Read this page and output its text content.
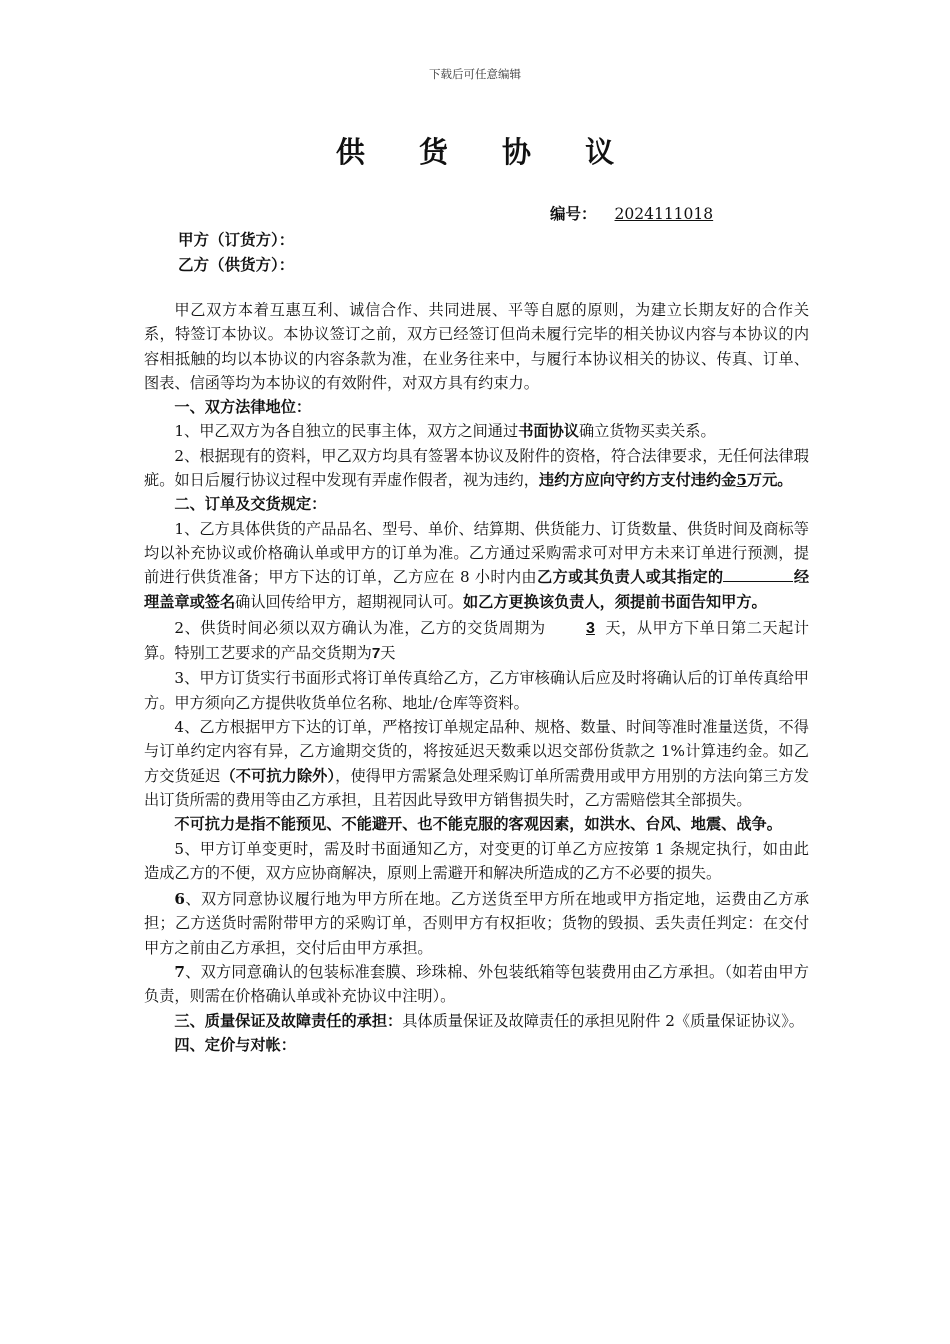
下载后可任意编辑
供 货 协 议
编号： 2024111018
甲方（订货方）：
乙方（供货方）：

甲乙双方本着互惠互利、诚信合作、共同进展、平等自愿的原则，为建立长期友好的合作关系，特签订本协议。本协议签订之前，双方已经签订但尚未履行完毕的相关协议内容与本协议的内容相抵触的均以本协议的内容条款为准，在业务往来中，与履行本协议相关的协议、传真、订单、图表、信函等均为本协议的有效附件，对双方具有约束力。

一、双方法律地位：

1、甲乙双方为各自独立的民事主体，双方之间通过书面协议确立货物买卖关系。

2、根据现有的资料，甲乙双方均具有签署本协议及附件的资格，符合法律要求，无任何法律瑕疵。如日后履行协议过程中发现有弄虚作假者，视为违约，违约方应向守约方支付违约金5万元。

二、订单及交货规定：

1、乙方具体供货的产品品名、型号、单价、结算期、供货能力、订货数量、供货时间及商标等均以补充协议或价格确认单或甲方的订单为准。乙方通过采购需求可对甲方未来订单进行预测，提前进行供货准备；甲方下达的订单，乙方应在 8 小时内由乙方或其负责人或其指定的	经理盖章或签名确认回传给甲方，超期视同认可。如乙方更换该负责人，须提前书面告知甲方。

2、供货时间必须以双方确认为准，乙方的交货周期为	3 天，从甲方下单日第二天起计算。特别工艺要求的产品交货期为7天

3、甲方订货实行书面形式将订单传真给乙方，乙方审核确认后应及时将确认后的订单传真给甲方。甲方须向乙方提供收货单位名称、地址/仓库等资料。

4、乙方根据甲方下达的订单，严格按订单规定品种、规格、数量、时间等准时准量送货，不得与订单约定内容有异，乙方逾期交货的，将按延迟天数乘以迟交部份货款之 1%计算违约金。如乙方交货延迟（不可抗力除外），使得甲方需紧急处理采购订单所需费用或甲方用别的方法向第三方发出订货所需的费用等由乙方承担，且若因此导致甲方销售损失时，乙方需赔偿其全部损失。

不可抗力是指不能预见、不能避开、也不能克服的客观因素，如洪水、台风、地震、战争。

5、甲方订单变更时，需及时书面通知乙方，对变更的订单乙方应按第 1 条规定执行，如由此造成乙方的不便，双方应协商解决，原则上需避开和解决所造成的乙方不必要的损失。

6、双方同意协议履行地为甲方所在地。乙方送货至甲方所在地或甲方指定地，运费由乙方承担；乙方送货时需附带甲方的采购订单，否则甲方有权拒收；货物的毁损、丢失责任判定：在交付甲方之前由乙方承担，交付后由甲方承担。

7、双方同意确认的包装标准套膜、珍珠棉、外包装纸箱等包装费用由乙方承担。（如若由甲方负责，则需在价格确认单或补充协议中注明）。

三、质量保证及故障责任的承担：具体质量保证及故障责任的承担见附件 2《质量保证协议》。

四、定价与对帐：
